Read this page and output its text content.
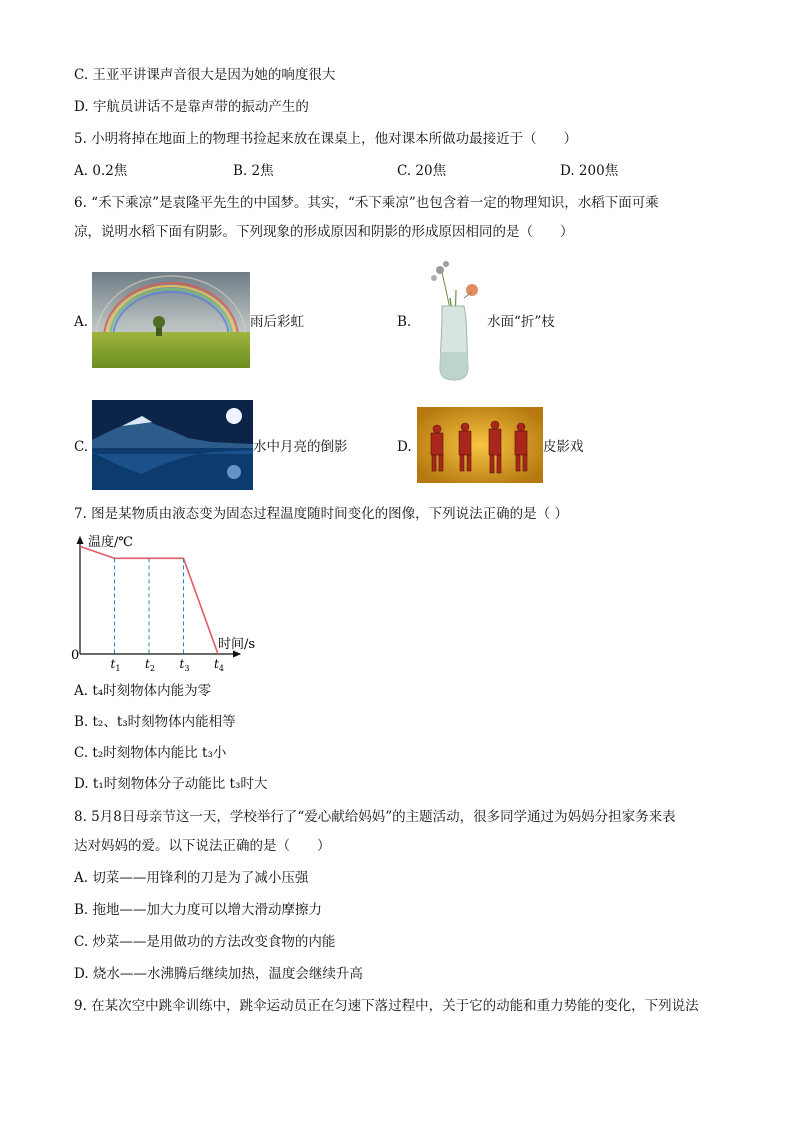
C. 王亚平讲课声音很大是因为她的响度很大
D. 宇航员讲话不是靠声带的振动产生的
5. 小明将掉在地面上的物理书捡起来放在课桌上，他对课本所做功最接近于（　　）
A. 0.2焦	B. 2焦	C. 20焦	D. 200焦
6. “禾下乘凉”是袁隆平先生的中国梦。其实，“禾下乘凉”也包含着一定的物理知识，水稻下面可乘
凉，说明水稻下面有阴影。下列现象的形成原因和阴影的形成原因相同的是（　　）
A.	雨后彩虹	B.	水面“折”枝
C.	水中月亮的倒影	D.	皮影戏
7. 图是某物质由液态变为固态过程温度随时间变化的图像，下列说法正确的是（ ）
温度/℃
时间/s
0
$t_1$ $t_2$ $t_3$ $t_4$
A. t₄时刻物体内能为零
B. t₂、t₃时刻物体内能相等
C. t₂时刻物体内能比 t₃小
D. t₁时刻物体分子动能比 t₃时大
8. 5月8日母亲节这一天，学校举行了“爱心献给妈妈”的主题活动，很多同学通过为妈妈分担家务来表
达对妈妈的爱。以下说法正确的是（　　）
A. 切菜——用锋利的刀是为了减小压强
B. 拖地——加大力度可以增大滑动摩擦力
C. 炒菜——是用做功的方法改变食物的内能
D. 烧水——水沸腾后继续加热，温度会继续升高
9. 在某次空中跳伞训练中，跳伞运动员正在匀速下落过程中，关于它的动能和重力势能的变化，下列说法
